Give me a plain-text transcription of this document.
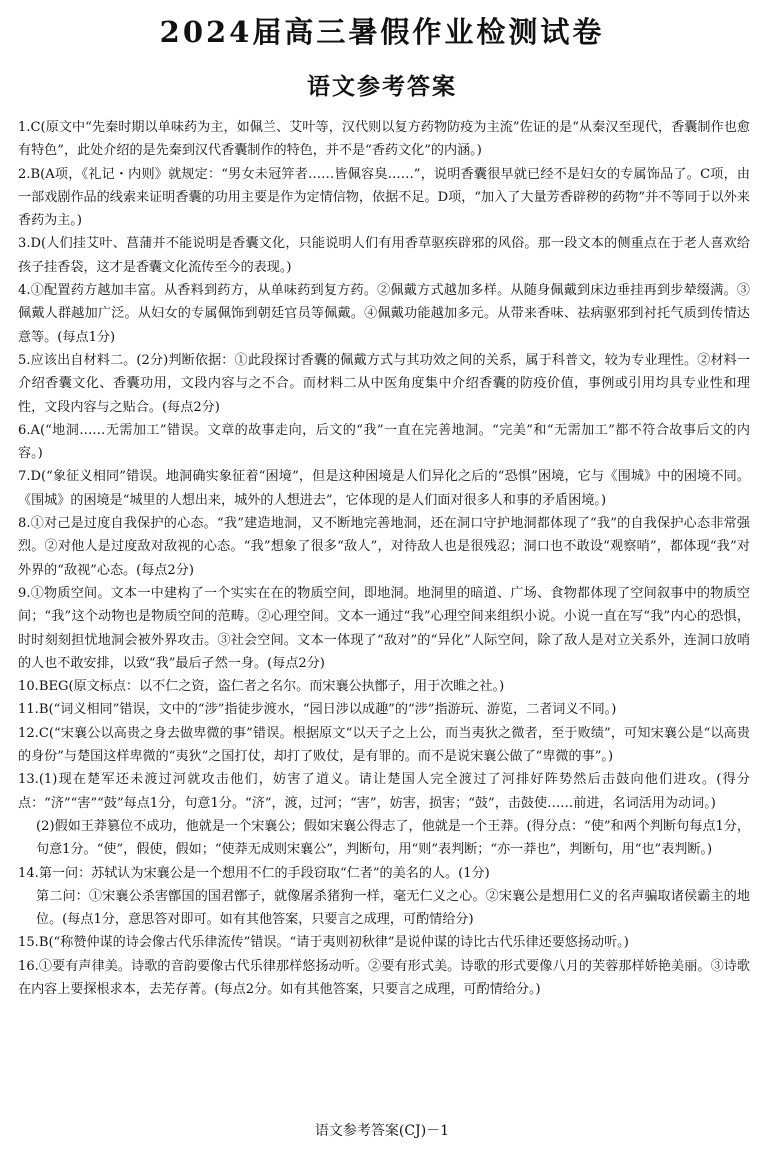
2024届高三暑假作业检测试卷
语文参考答案

1.C(原文中“先秦时期以单味药为主，如佩兰、艾叶等，汉代则以复方药物防疫为主流”佐证的是“从秦汉至现代，香囊制作也愈有特色”，此处介绍的是先秦到汉代香囊制作的特色，并不是“香药文化”的内涵。)

2.B(A项，《礼记・内则》就规定：“男女未冠笄者……皆佩容臭……”，说明香囊很早就已经不是妇女的专属饰品了。C项，由一部戏剧作品的线索来证明香囊的功用主要是作为定情信物，依据不足。D项，“加入了大量芳香辟秽的药物”并不等同于以外来香药为主。)

3.D(人们挂艾叶、菖蒲并不能说明是香囊文化，只能说明人们有用香草驱疾辟邪的风俗。那一段文本的侧重点在于老人喜欢给孩子挂香袋，这才是香囊文化流传至今的表现。)

4.①配置药方越加丰富。从香料到药方，从单味药到复方药。②佩戴方式越加多样。从随身佩戴到床边垂挂再到步辇缀满。③佩戴人群越加广泛。从妇女的专属佩饰到朝廷官员等佩戴。④佩戴功能越加多元。从带来香味、祛病驱邪到衬托气质到传情达意等。(每点1分)

5.应该出自材料二。(2分)判断依据：①此段探讨香囊的佩戴方式与其功效之间的关系，属于科普文，较为专业理性。②材料一介绍香囊文化、香囊功用，文段内容与之不合。而材料二从中医角度集中介绍香囊的防疫价值，事例或引用均具专业性和理性，文段内容与之贴合。(每点2分)

6.A(“地洞……无需加工”错误。文章的故事走向，后文的“我”一直在完善地洞。“完美”和“无需加工”都不符合故事后文的内容。)

7.D(“象征义相同”错误。地洞确实象征着“困境”，但是这种困境是人们异化之后的“恐惧”困境，它与《围城》中的困境不同。《围城》的困境是“城里的人想出来，城外的人想进去”，它体现的是人们面对很多人和事的矛盾困境。)

8.①对己是过度自我保护的心态。“我”建造地洞，又不断地完善地洞，还在洞口守护地洞都体现了“我”的自我保护心态非常强烈。②对他人是过度敌对敌视的心态。“我”想象了很多“敌人”，对待敌人也是很残忍；洞口也不敢设“观察哨”，都体现“我”对外界的“敌视”心态。(每点2分)

9.①物质空间。文本一中建构了一个实实在在的物质空间，即地洞。地洞里的暗道、广场、食物都体现了空间叙事中的物质空间；“我”这个动物也是物质空间的范畴。②心理空间。文本一通过“我”心理空间来组织小说。小说一直在写“我”内心的恐惧，时时刻刻担忧地洞会被外界攻击。③社会空间。文本一体现了“敌对”的“异化”人际空间，除了敌人是对立关系外，连洞口放哨的人也不敢安排，以致“我”最后孑然一身。(每点2分)

10.BEG(原文标点：以不仁之资，盗仁者之名尔。而宋襄公执鄫子，用于次睢之社。)

11.B(“词义相同”错误，文中的“涉”指徒步渡水，“园日涉以成趣”的“涉”指游玩、游览，二者词义不同。)

12.C(“宋襄公以高贵之身去做卑微的事”错误。根据原文“以天子之上公，而当夷狄之微者，至于败绩”，可知宋襄公是“以高贵的身份”与楚国这样卑微的“夷狄”之国打仗，却打了败仗，是有罪的。而不是说宋襄公做了“卑微的事”。)

13.(1)现在楚军还未渡过河就攻击他们，妨害了道义。请让楚国人完全渡过了河排好阵势然后击鼓向他们进攻。(得分点：“济”“害”“鼓”每点1分，句意1分。“济”，渡，过河；“害”，妨害，损害；“鼓”，击鼓使……前进，名词活用为动词。)

(2)假如王莽篡位不成功，他就是一个宋襄公；假如宋襄公得志了，他就是一个王莽。(得分点：“使”和两个判断句每点1分，句意1分。“使”，假使，假如；“使莽无成则宋襄公”，判断句，用“则”表判断；“亦一莽也”，判断句，用“也”表判断。)

14.第一问：苏轼认为宋襄公是一个想用不仁的手段窃取“仁者”的美名的人。(1分)

第二问：①宋襄公杀害鄫国的国君鄫子，就像屠杀猪狗一样，毫无仁义之心。②宋襄公是想用仁义的名声骗取诸侯霸主的地位。(每点1分，意思答对即可。如有其他答案，只要言之成理，可酌情给分)

15.B(“称赞仲谋的诗会像古代乐律流传”错误。“请于夷则初秋律”是说仲谋的诗比古代乐律还要悠扬动听。)

16.①要有声律美。诗歌的音韵要像古代乐律那样悠扬动听。②要有形式美。诗歌的形式要像八月的芙蓉那样娇艳美丽。③诗歌在内容上要探根求本，去芜存菁。(每点2分。如有其他答案，只要言之成理，可酌情给分。)

语文参考答案(CJ)－1
